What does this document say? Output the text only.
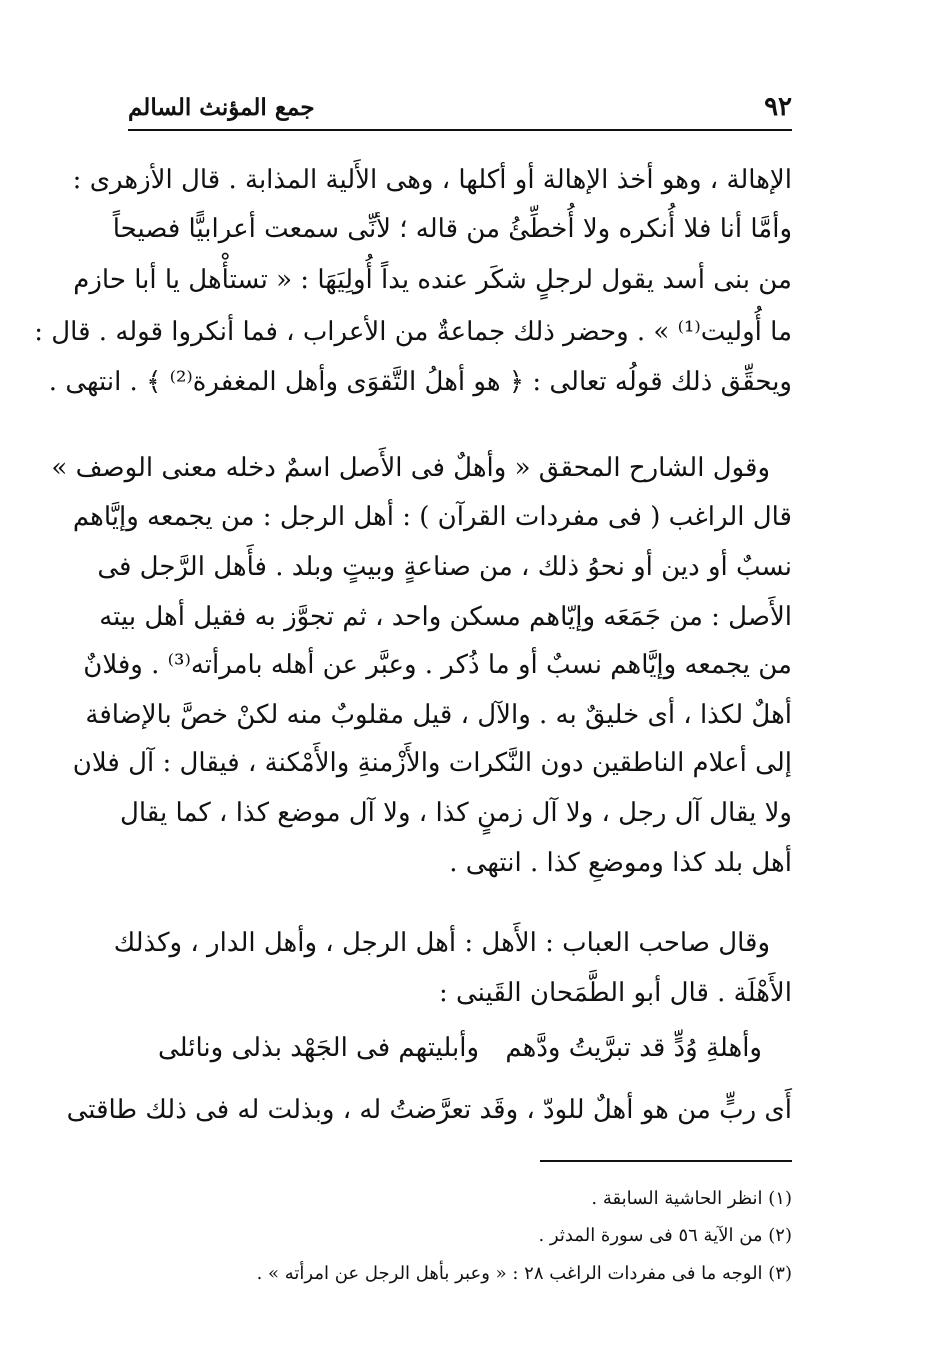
٩٢
جمع المؤنث السالم
الإهالة ، وهو أخذ الإهالة أو أكلها ، وهى الأَلية المذابة . قال الأزهرى :
وأمَّا أنا فلا أُنكره ولا أُخطِّئُ من قاله ؛ لأنِّى سمعت أعرابيًّا فصيحاً
من بنى أسد يقول لرجلٍ شكَر عنده يداً أُولِيَهَا : « تستأْهل يا أبا حازم
ما أُوليت⁽¹⁾ » . وحضر ذلك جماعةٌ من الأعراب ، فما أنكروا قوله . قال :
ويحقِّق ذلك قولُه تعالى : ﴿ هو أهلُ التَّقوَى وأهل المغفرة⁽²⁾ ﴾ . انتهى .
وقول الشارح المحقق « وأهلٌ فى الأَصل اسمٌ دخله معنى الوصف »
قال الراغب ( فى مفردات القرآن ) : أهل الرجل : من يجمعه وإيَّاهم
نسبٌ أو دين أو نحوُ ذلك ، من صناعةٍ وبيتٍ وبلد . فأَهل الرَّجل فى
الأَصل : من جَمَعَه وإيّاهم مسكن واحد ، ثم تجوَّز به فقيل أهل بيته
من يجمعه وإيَّاهم نسبٌ أو ما ذُكر . وعبَّر عن أهله بامرأته⁽³⁾ . وفلانٌ
أهلٌ لكذا ، أى خليقٌ به . والآل ، قيل مقلوبٌ منه لكنْ خصَّ بالإضافة
إلى أعلام الناطقين دون النَّكرات والأَزْمنةِ والأَمْكنة ، فيقال : آل فلان
ولا يقال آل رجل ، ولا آل زمنٍ كذا ، ولا آل موضع كذا ، كما يقال
أهل بلد كذا وموضعِ كذا . انتهى .
وقال صاحب العباب : الأَهل : أهل الرجل ، وأهل الدار ، وكذلك
الأَهْلَة . قال أبو الطَّمَحان القَينى :
وأهلةِ وُدٍّ قد تبرَّيتُ ودَّهم
وأبليتهم فى الجَهْد بذلى ونائلى
أَى ربٍّ من هو أهلٌ للودّ ، وقَد تعرَّضتُ له ، وبذلت له فى ذلك طاقتى
(١) انظر الحاشية السابقة .
(٢) من الآية ٥٦ فى سورة المدثر .
(٣) الوجه ما فى مفردات الراغب ٢٨ : « وعبر بأهل الرجل عن امرأته » .
